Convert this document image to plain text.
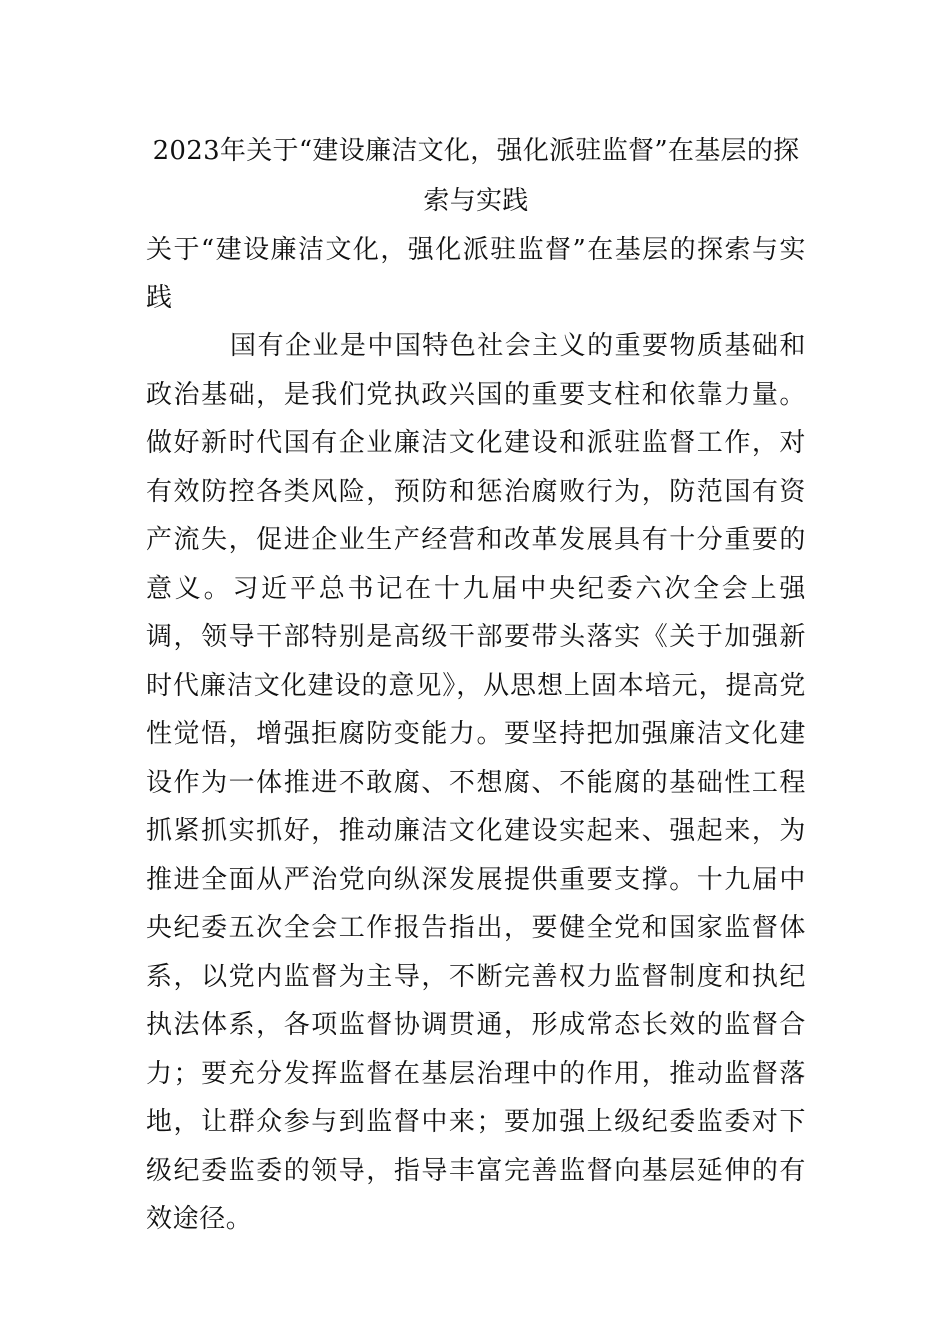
2023年关于“建设廉洁文化，强化派驻监督”在基层的探索与实践

关于“建设廉洁文化，强化派驻监督”在基层的探索与实践

国有企业是中国特色社会主义的重要物质基础和政治基础，是我们党执政兴国的重要支柱和依靠力量。做好新时代国有企业廉洁文化建设和派驻监督工作，对有效防控各类风险，预防和惩治腐败行为，防范国有资产流失，促进企业生产经营和改革发展具有十分重要的意义。习近平总书记在十九届中央纪委六次全会上强调，领导干部特别是高级干部要带头落实《关于加强新时代廉洁文化建设的意见》，从思想上固本培元，提高党性觉悟，增强拒腐防变能力。要坚持把加强廉洁文化建设作为一体推进不敢腐、不想腐、不能腐的基础性工程抓紧抓实抓好，推动廉洁文化建设实起来、强起来，为推进全面从严治党向纵深发展提供重要支撑。十九届中央纪委五次全会工作报告指出，要健全党和国家监督体系，以党内监督为主导，不断完善权力监督制度和执纪执法体系，各项监督协调贯通，形成常态长效的监督合力；要充分发挥监督在基层治理中的作用，推动监督落地，让群众参与到监督中来；要加强上级纪委监委对下级纪委监委的领导，指导丰富完善监督向基层延伸的有效途径。
